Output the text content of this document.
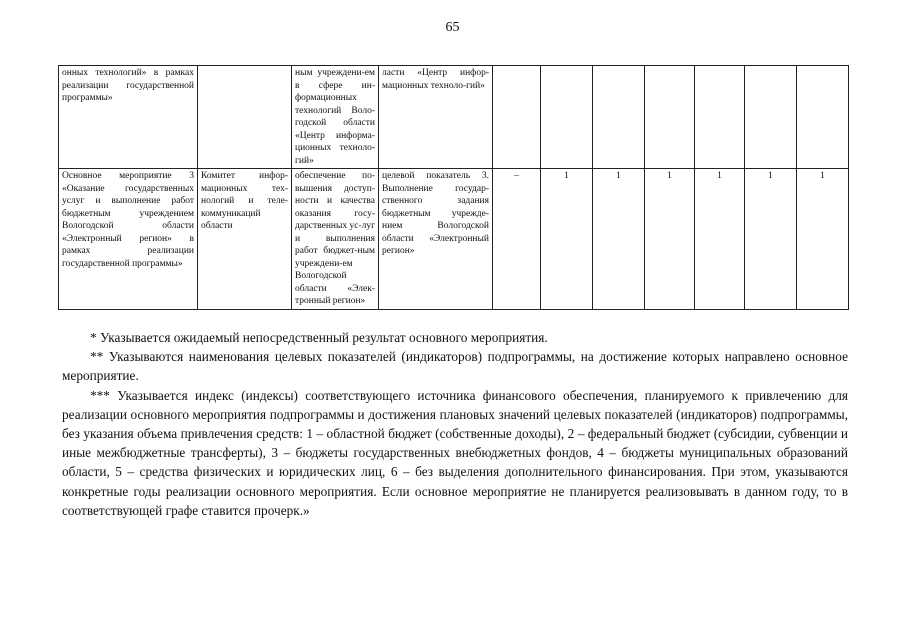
65
онных технологий» в рамках реализации государственной программы»		ным учреждени-ем в сфере ин-формационных технологий Воло-годской области «Центр информа-ционных техноло-гий»	ласти «Центр инфор-мационных техноло-гий»							
Основное мероприятие 3 «Оказание государственных услуг и выполнение работ бюджетным учреждением Вологодской области «Электронный регион» в рамках реализации государственной программы»	Комитет инфор-мационных тех-нологий и теле-коммуникаций области	обеспечение по-вышения доступ-ности и качества оказания госу-дарственных ус-луг и выполнения работ бюджет-ным учреждени-ем Вологодской области «Элек-тронный регион»	целевой показатель 3. Выполнение государ-ственного задания бюджетным учрежде-нием Вологодской области «Электронный регион»	–	1	1	1	1	1	1

* Указывается ожидаемый непосредственный результат основного мероприятия.

** Указываются наименования целевых показателей (индикаторов) подпрограммы, на достижение которых направлено основное мероприятие.

*** Указывается индекс (индексы) соответствующего источника финансового обеспечения, планируемого к привлечению для реализации основного мероприятия подпрограммы и достижения плановых значений целевых показателей (индикаторов) подпрограммы, без указания объема привлечения средств: 1 – областной бюджет (собственные доходы), 2 – федеральный бюджет (субсидии, субвенции и иные межбюджетные трансферты), 3 – бюджеты государственных внебюджетных фондов, 4 – бюджеты муниципальных образований области, 5 – средства физических и юридических лиц, 6 – без выделения дополнительного финансирования. При этом, указываются конкретные годы реализации основного мероприятия. Если основное мероприятие не планируется реализовывать в данном году, то в соответствующей графе ставится прочерк.»
